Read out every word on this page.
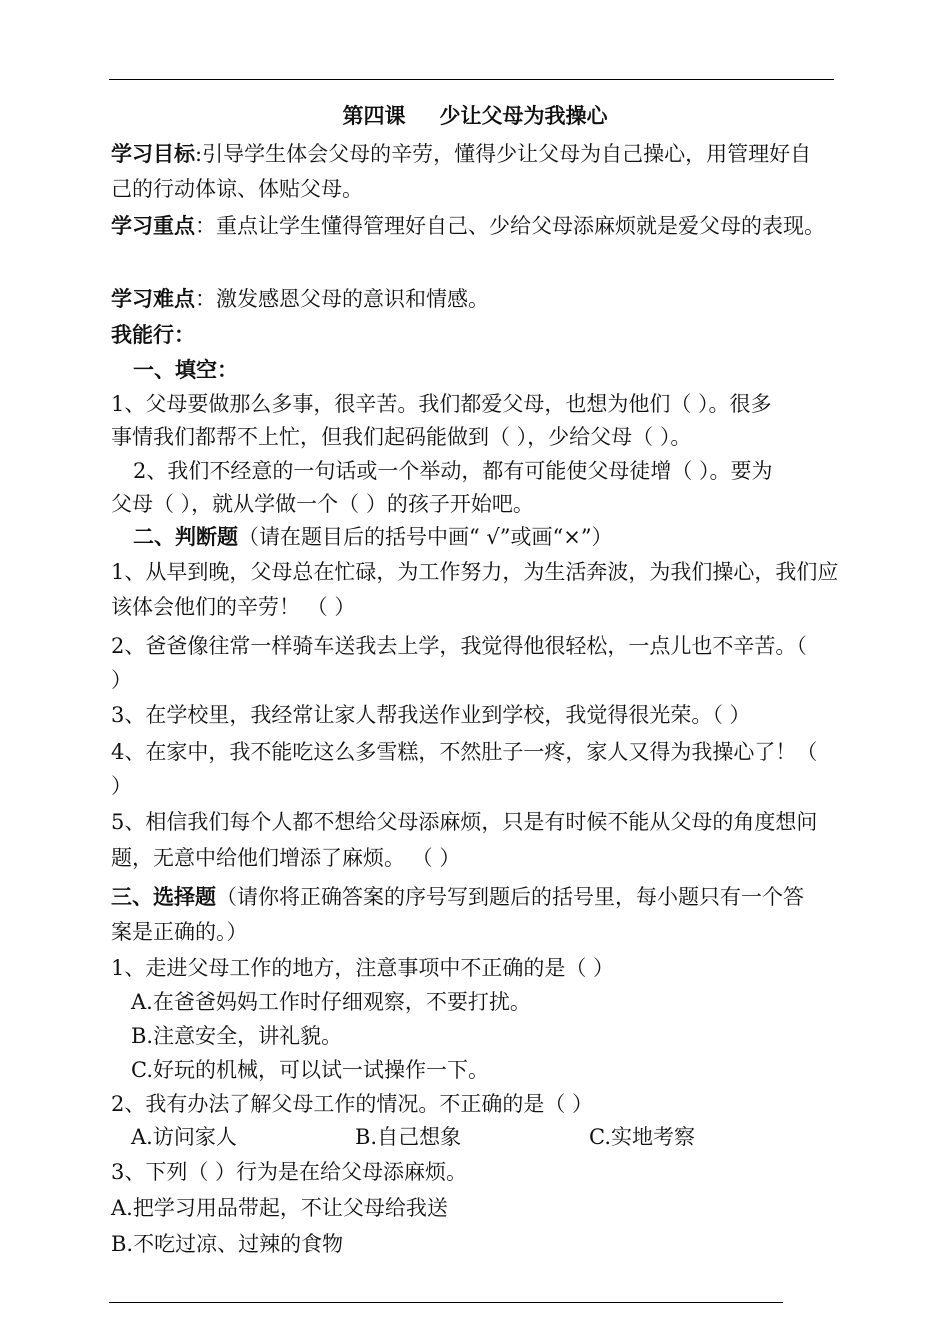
第四课 少让父母为我操心
学习目标:引导学生体会父母的辛劳，懂得少让父母为自己操心，用管理好自
己的行动体谅、体贴父母。
学习重点：重点让学生懂得管理好自己、少给父母添麻烦就是爱父母的表现。
学习难点：激发感恩父母的意识和情感。
我能行：
一、填空：
1、父母要做那么多事，很辛苦。我们都爱父母，也想为他们（ ）。很多
事情我们都帮不上忙，但我们起码能做到（ ），少给父母（ ）。
2、我们不经意的一句话或一个举动，都有可能使父母徒增（ ）。要为
父母（ ），就从学做一个（ ）的孩子开始吧。
二、判断题（请在题目后的括号中画“ √”或画“×”）
1、从早到晚，父母总在忙碌，为工作努力，为生活奔波，为我们操心，我们应
该体会他们的辛劳！ （ ）
2、爸爸像往常一样骑车送我去上学，我觉得他很轻松，一点儿也不辛苦。（
）
3、在学校里，我经常让家人帮我送作业到学校，我觉得很光荣。（ ）
4、在家中，我不能吃这么多雪糕，不然肚子一疼，家人又得为我操心了！（
）
5、相信我们每个人都不想给父母添麻烦，只是有时候不能从父母的角度想问
题，无意中给他们增添了麻烦。 （ ）
三、选择题（请你将正确答案的序号写到题后的括号里，每小题只有一个答
案是正确的。）
1、走进父母工作的地方，注意事项中不正确的是（ ）
A.在爸爸妈妈工作时仔细观察，不要打扰。
B.注意安全，讲礼貌。
C.好玩的机械，可以试一试操作一下。
2、我有办法了解父母工作的情况。不正确的是（ ）
A.访问家人	B.自己想象	C.实地考察
3、下列（ ）行为是在给父母添麻烦。
A.把学习用品带起，不让父母给我送
B.不吃过凉、过辣的食物
